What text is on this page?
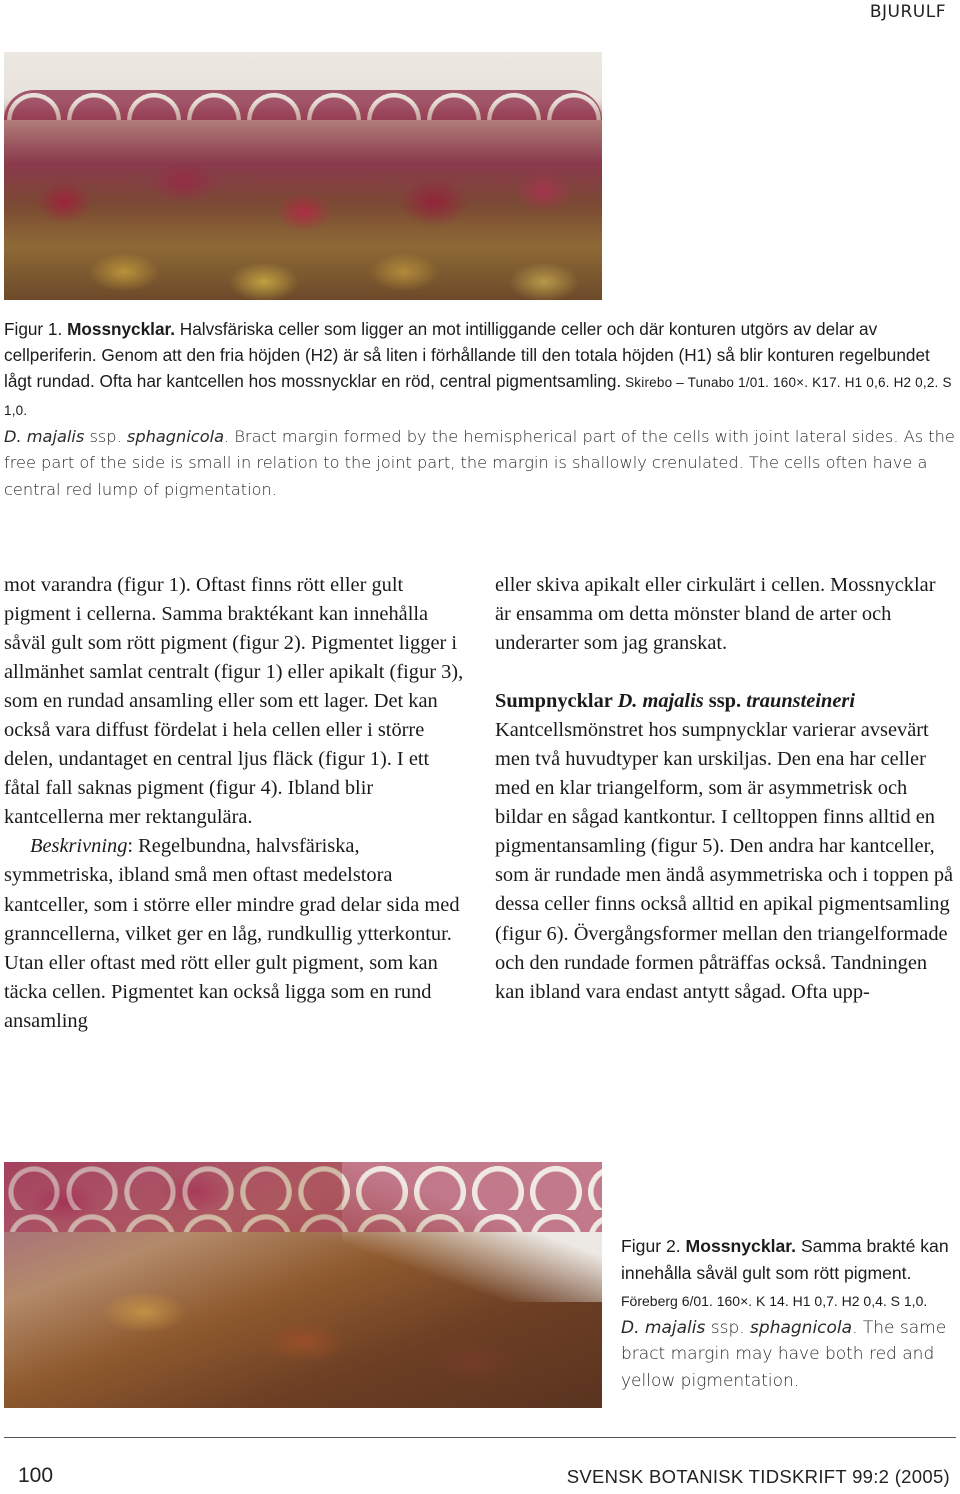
BJURULF

Figur 1. Mossnycklar. Halvsfäriska celler som ligger an mot intilliggande celler och där konturen utgörs av delar av cellperiferin. Genom att den fria höjden (H2) är så liten i förhållande till den totala höjden (H1) så blir konturen regelbundet lågt rundad. Ofta har kantcellen hos mossnycklar en röd, central pigmentsamling. Skirebo – Tunabo 1/01. 160×. K17. H1 0,6. H2 0,2. S 1,0.

D. majalis ssp. sphagnicola. Bract margin formed by the hemispherical part of the cells with joint lateral sides. As the free part of the side is small in relation to the joint part, the margin is shallowly crenulated. The cells often have a central red lump of pigmentation.

mot varandra (figur 1). Oftast finns rött eller gult pigment i cellerna. Samma braktékant kan innehålla såväl gult som rött pigment (figur 2). Pigmentet ligger i allmänhet samlat centralt (figur 1) eller apikalt (figur 3), som en rundad ansamling eller som ett lager. Det kan också vara diffust fördelat i hela cellen eller i större delen, undantaget en central ljus fläck (figur 1). I ett fåtal fall saknas pigment (figur 4). Ibland blir kantcellerna mer rektangulära.

Beskrivning: Regelbundna, halvsfäriska, symmetriska, ibland små men oftast medelstora kantceller, som i större eller mindre grad delar sida med granncellerna, vilket ger en låg, rundkullig ytterkontur. Utan eller oftast med rött eller gult pigment, som kan täcka cellen. Pigmentet kan också ligga som en rund ansamling

eller skiva apikalt eller cirkulärt i cellen. Mossnycklar är ensamma om detta mönster bland de arter och underarter som jag granskat.

Sumpnycklar D. majalis ssp. traunsteineri

Kantcellsmönstret hos sumpnycklar varierar avsevärt men två huvudtyper kan urskiljas. Den ena har celler med en klar triangelform, som är asymmetrisk och bildar en sågad kantkontur. I celltoppen finns alltid en pigmentansamling (figur 5). Den andra har kantceller, som är rundade men ändå asymmetriska och i toppen på dessa celler finns också alltid en apikal pigmentsamling (figur 6). Övergångsformer mellan den triangelformade och den rundade formen påträffas också. Tandningen kan ibland vara endast antytt sågad. Ofta upp-

Figur 2. Mossnycklar. Samma brakté kan innehålla såväl gult som rött pigment. Föreberg 6/01. 160×. K 14. H1 0,7. H2 0,4. S 1,0.

D. majalis ssp. sphagnicola. The same bract margin may have both red and yellow pigmentation.

100	SVENSK BOTANISK TIDSKRIFT 99:2 (2005)
